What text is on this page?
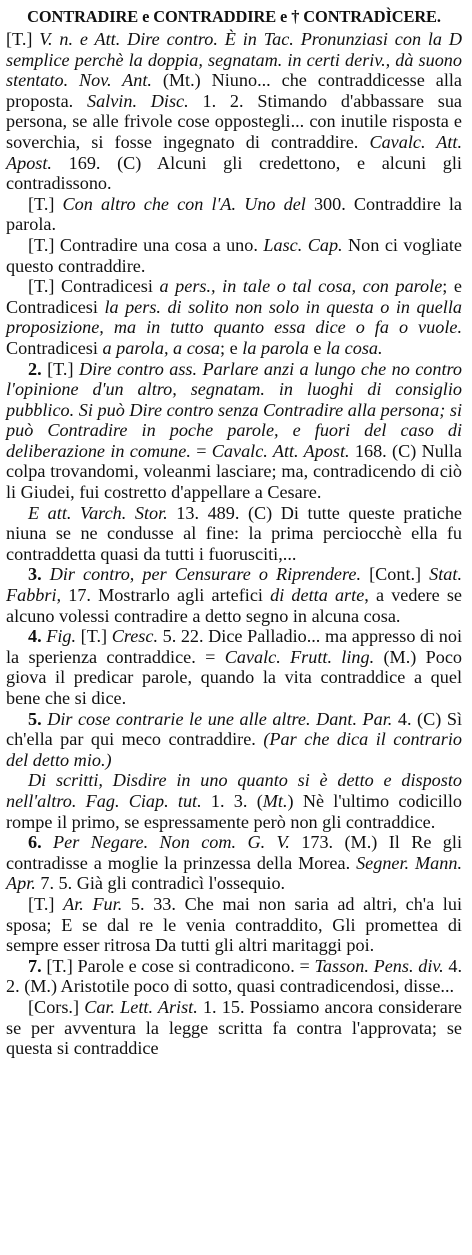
CONTRADIRE e CONTRADDIRE e † CONTRADÌCERE.

[T.] V. n. e Att. Dire contro. È in Tac. Pronunziasi con la D semplice perchè la doppia, segnatam. in certi deriv., dà suono stentato. Nov. Ant. (Mt.) Niuno... che contraddicesse alla proposta. Salvin. Disc. 1. 2. Stimando d'abbassare sua persona, se alle frivole cose oppostegli... con inutile risposta e soverchia, si fosse ingegnato di contraddire. Cavalc. Att. Apost. 169. (C) Alcuni gli credettono, e alcuni gli contradissono.

[T.] Con altro che con l'A. Uno del 300. Contraddire la parola.

[T.] Contradire una cosa a uno. Lasc. Cap. Non ci vogliate questo contraddire.

[T.] Contradicesi a pers., in tale o tal cosa, con parole; e Contradicesi la pers. di solito non solo in questa o in quella proposizione, ma in tutto quanto essa dice o fa o vuole. Contradicesi a parola, a cosa; e la parola e la cosa.

2. [T.] Dire contro ass. Parlare anzi a lungo che no contro l'opinione d'un altro, segnatam. in luoghi di consiglio pubblico. Si può Dire contro senza Contradire alla persona; si può Contradire in poche parole, e fuori del caso di deliberazione in comune. = Cavalc. Att. Apost. 168. (C) Nulla colpa trovandomi, voleanmi lasciare; ma, contradicendo di ciò li Giudei, fui costretto d'appellare a Cesare.

E att. Varch. Stor. 13. 489. (C) Di tutte queste pratiche niuna se ne condusse al fine: la prima perciocchè ella fu contraddetta quasi da tutti i fuorusciti,...

3. Dir contro, per Censurare o Riprendere. [Cont.] Stat. Fabbri, 17. Mostrarlo agli artefici di detta arte, a vedere se alcuno volessi contradire a detto segno in alcuna cosa.

4. Fig. [T.] Cresc. 5. 22. Dice Palladio... ma appresso di noi la sperienza contraddice. = Cavalc. Frutt. ling. (M.) Poco giova il predicar parole, quando la vita contraddice a quel bene che si dice.

5. Dir cose contrarie le une alle altre. Dant. Par. 4. (C) Sì ch'ella par qui meco contraddire. (Par che dica il contrario del detto mio.)

Di scritti, Disdire in uno quanto si è detto e disposto nell'altro. Fag. Ciap. tut. 1. 3. (Mt.) Nè l'ultimo codicillo rompe il primo, se espressamente però non gli contraddice.

6. Per Negare. Non com. G. V. 173. (M.) Il Re gli contradisse a moglie la prinzessa della Morea. Segner. Mann. Apr. 7. 5. Già gli contradicì l'ossequio.

[T.] Ar. Fur. 5. 33. Che mai non saria ad altri, ch'a lui sposa; E se dal re le venia contraddito, Gli promettea di sempre esser ritrosa Da tutti gli altri maritaggi poi.

7. [T.] Parole e cose si contradicono. = Tasson. Pens. div. 4. 2. (M.) Aristotile poco di sotto, quasi contradicendosi, disse...

[Cors.] Car. Lett. Arist. 1. 15. Possiamo ancora considerare se per avventura la legge scritta fa contra l'approvata; se questa si contraddice
